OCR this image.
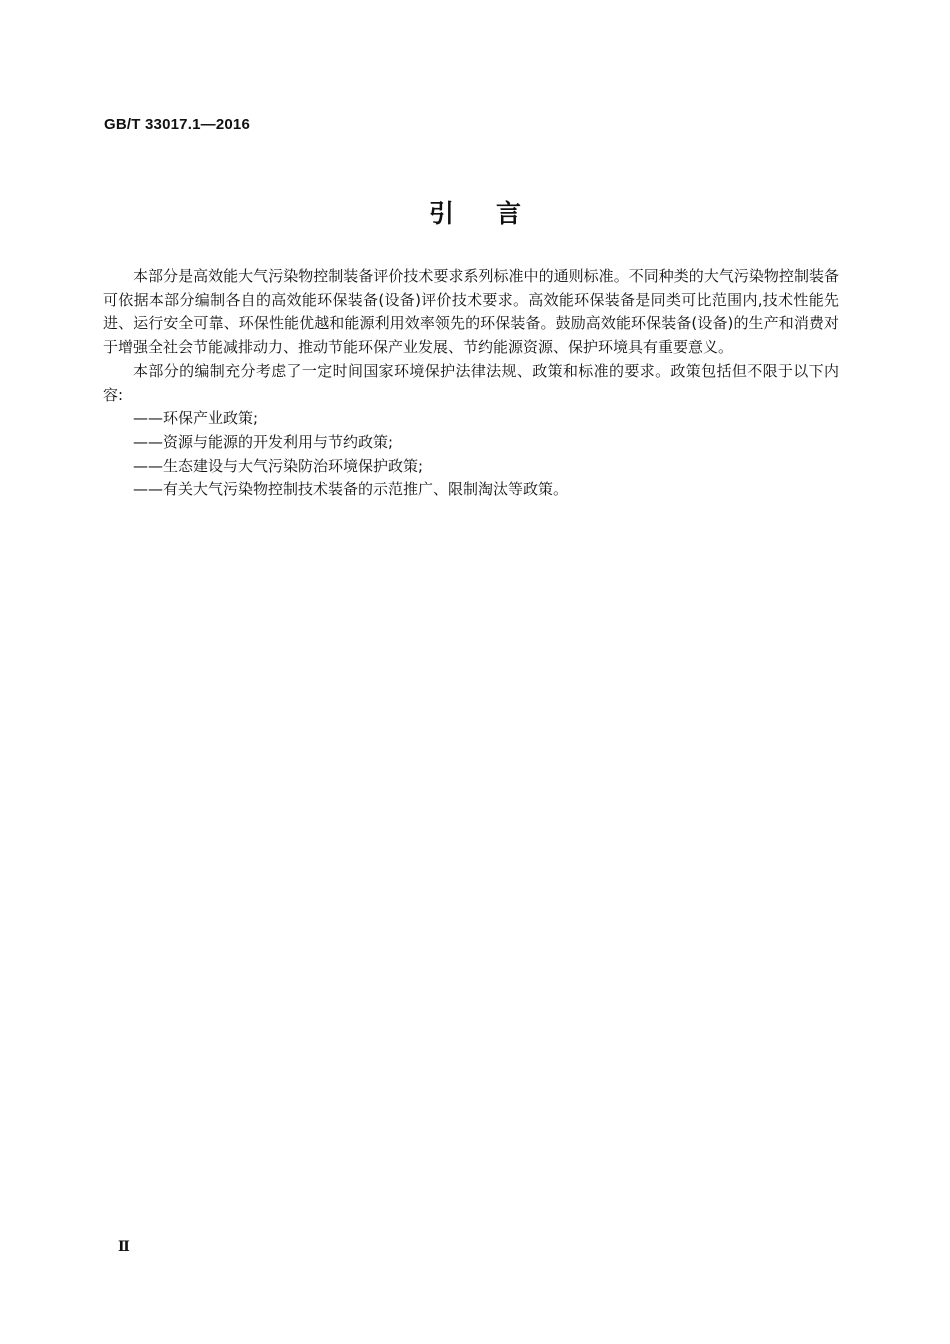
GB/T 33017.1—2016
引言

本部分是高效能大气污染物控制装备评价技术要求系列标准中的通则标准。不同种类的大气污染物控制装备可依据本部分编制各自的高效能环保装备(设备)评价技术要求。高效能环保装备是同类可比范围内,技术性能先进、运行安全可靠、环保性能优越和能源利用效率领先的环保装备。鼓励高效能环保装备(设备)的生产和消费对于增强全社会节能减排动力、推动节能环保产业发展、节约能源资源、保护环境具有重要意义。

本部分的编制充分考虑了一定时间国家环境保护法律法规、政策和标准的要求。政策包括但不限于以下内容:

——环保产业政策;

——资源与能源的开发利用与节约政策;

——生态建设与大气污染防治环境保护政策;

——有关大气污染物控制技术装备的示范推广、限制淘汰等政策。

Ⅱ
